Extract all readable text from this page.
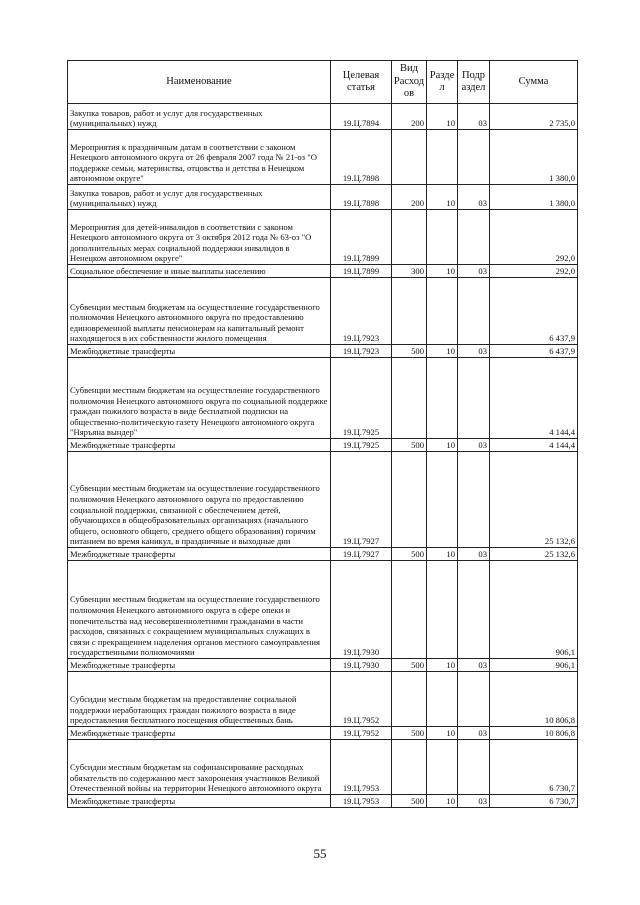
Наименование	Целевая статья	Вид Расход ов	Разде л	Подр аздел	Сумма
Закупка товаров, работ и услуг для государственных (муниципальных) нужд	19.Ц.7894	200	10	03	2 735,0
Мероприятия к праздничным датам в соответствии с законом Ненецкого автономного округа от 26 февраля 2007 года № 21-оз "О поддержке семьи, материнства, отцовства и детства в Ненецком автономном округе"	19.Ц.7898				1 380,0
Закупка товаров, работ и услуг для государственных (муниципальных) нужд	19.Ц.7898	200	10	03	1 380,0
Мероприятия для детей-инвалидов в соответствии с законом Ненецкого автономного округа от 3 октября 2012 года № 63-оз "О дополнительных мерах социальной поддержки инвалидов в Ненецком автономном округе"	19.Ц.7899				292,0
Социальное обеспечение и иные выплаты населению	19.Ц.7899	300	10	03	292,0
Субвенции местным бюджетам на осуществление государственного полномочия Ненецкого автономного округа по предоставлению единовременной выплаты пенсионерам на капитальный ремонт находящегося в их собственности жилого помещения	19.Ц.7923				6 437,9
Межбюджетные трансферты	19.Ц.7923	500	10	03	6 437,9
Субвенции местным бюджетам на осуществление государственного полномочия Ненецкого автономного округа по социальной поддержке граждан пожилого возраста в виде бесплатной подписки на общественно-политическую газету Ненецкого автономного округа "Няръяна вындер"	19.Ц.7925				4 144,4
Межбюджетные трансферты	19.Ц.7925	500	10	03	4 144,4
Субвенции местным бюджетам на осуществление государственного полномочия Ненецкого автономного округа по предоставлению социальной поддержки, связанной с обеспечением детей, обучающихся в общеобразовательных организациях (начального общего, основного общего, среднего общего образования) горячим питанием во время каникул, в праздничные и выходные дни	19.Ц.7927				25 132,6
Межбюджетные трансферты	19.Ц.7927	500	10	03	25 132,6
Субвенции местным бюджетам на осуществление государственного полномочия Ненецкого автономного округа в сфере опеки и попечительства над несовершеннолетними гражданами в части расходов, связанных с сокращением муниципальных служащих в связи с прекращением наделения органов местного самоуправления государственными полномочиями	19.Ц.7930				906,1
Межбюджетные трансферты	19.Ц.7930	500	10	03	906,1
Субсидии местным бюджетам на предоставление социальной поддержки неработающих граждан пожилого возраста в виде предоставления бесплатного посещения общественных бань	19.Ц.7952				10 806,8
Межбюджетные трансферты	19.Ц.7952	500	10	03	10 806,8
Субсидии местным бюджетам на софинансирование расходных обязательств по содержанию мест захоронения участников Великой Отечественной войны на территории Ненецкого автономного округа	19.Ц.7953				6 730,7
Межбюджетные трансферты	19.Ц.7953	500	10	03	6 730,7
55
